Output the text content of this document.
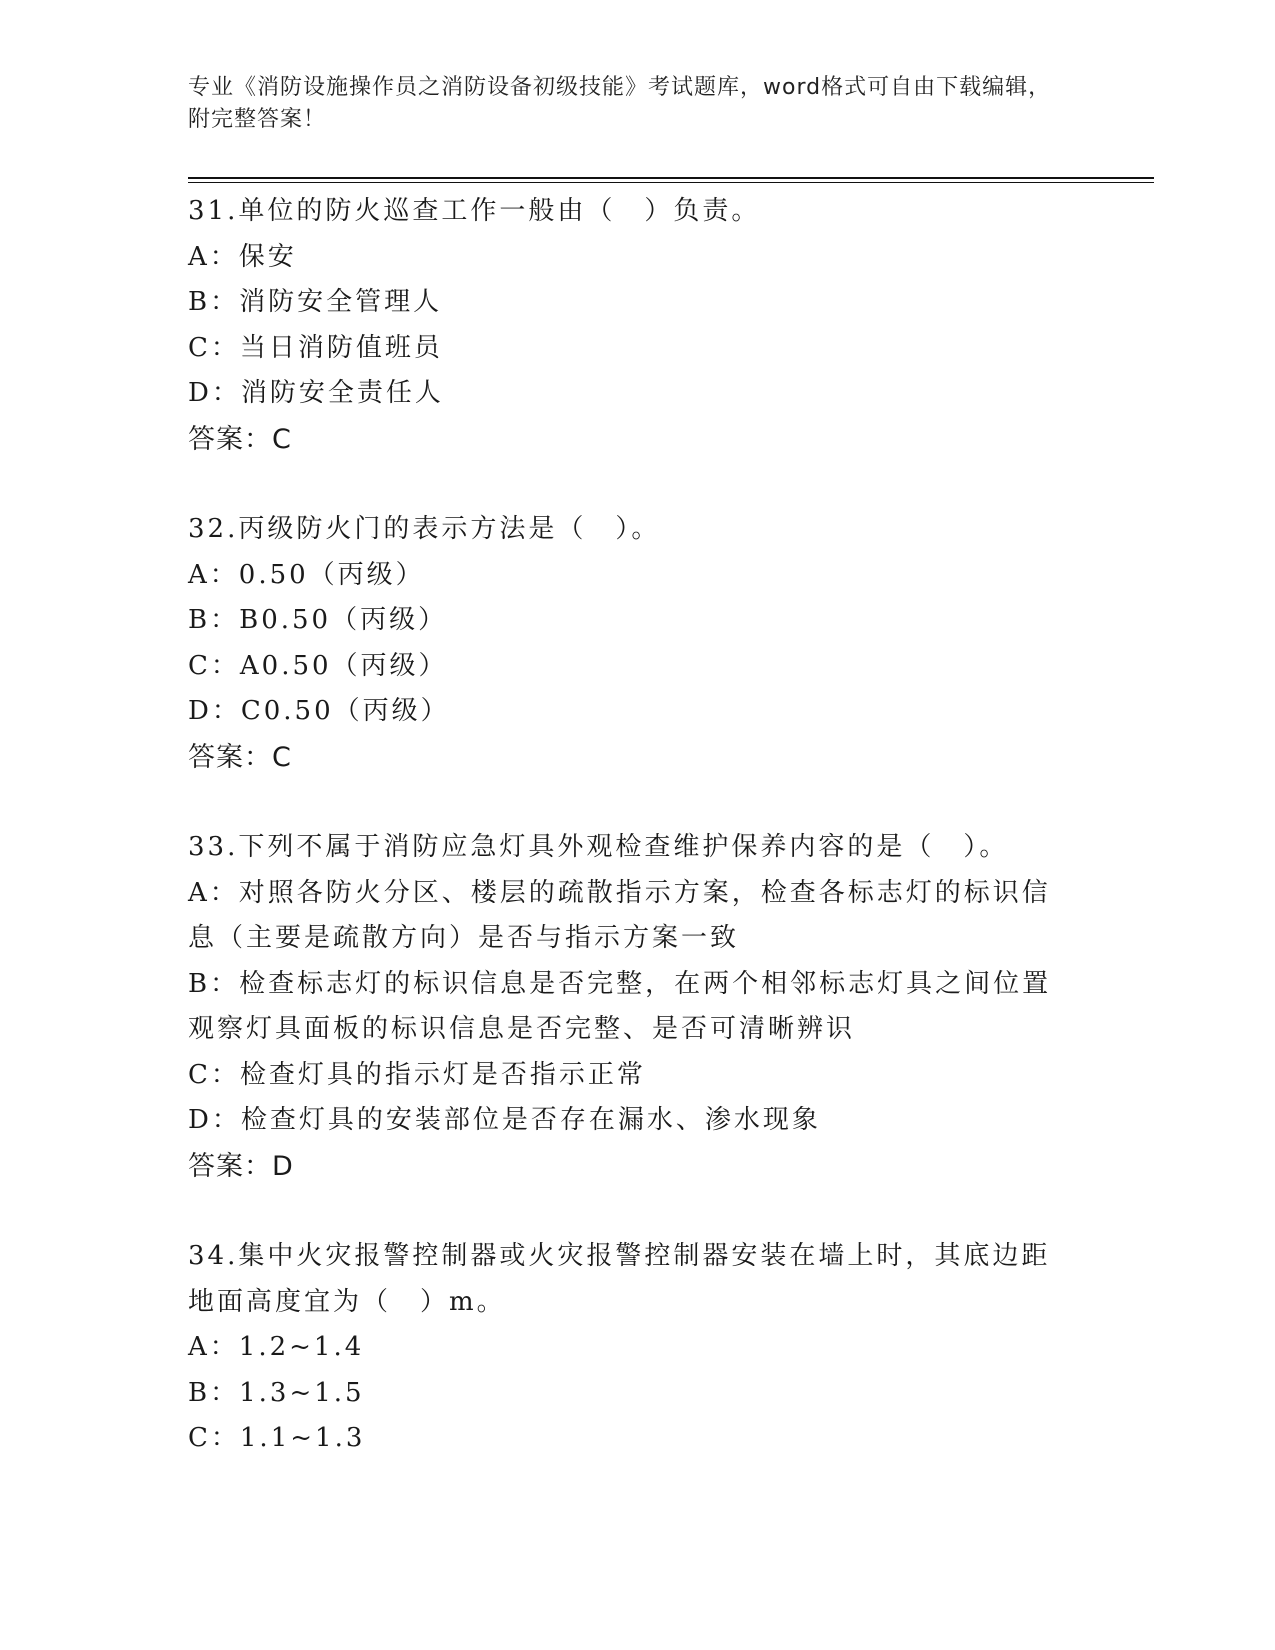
专业《消防设施操作员之消防设备初级技能》考试题库，word格式可自由下载编辑，附完整答案！
31.单位的防火巡查工作一般由（　）负责。
A：保安
B：消防安全管理人
C：当日消防值班员
D：消防安全责任人
答案：C
32.丙级防火门的表示方法是（　）。
A：0.50（丙级）
B：B0.50（丙级）
C：A0.50（丙级）
D：C0.50（丙级）
答案：C
33.下列不属于消防应急灯具外观检查维护保养内容的是（　）。
A：对照各防火分区、楼层的疏散指示方案，检查各标志灯的标识信息（主要是疏散方向）是否与指示方案一致
B：检查标志灯的标识信息是否完整，在两个相邻标志灯具之间位置观察灯具面板的标识信息是否完整、是否可清晰辨识
C：检查灯具的指示灯是否指示正常
D：检查灯具的安装部位是否存在漏水、渗水现象
答案：D
34.集中火灾报警控制器或火灾报警控制器安装在墙上时，其底边距地面高度宜为（　）m。
A：1.2~1.4
B：1.3~1.5
C：1.1~1.3
